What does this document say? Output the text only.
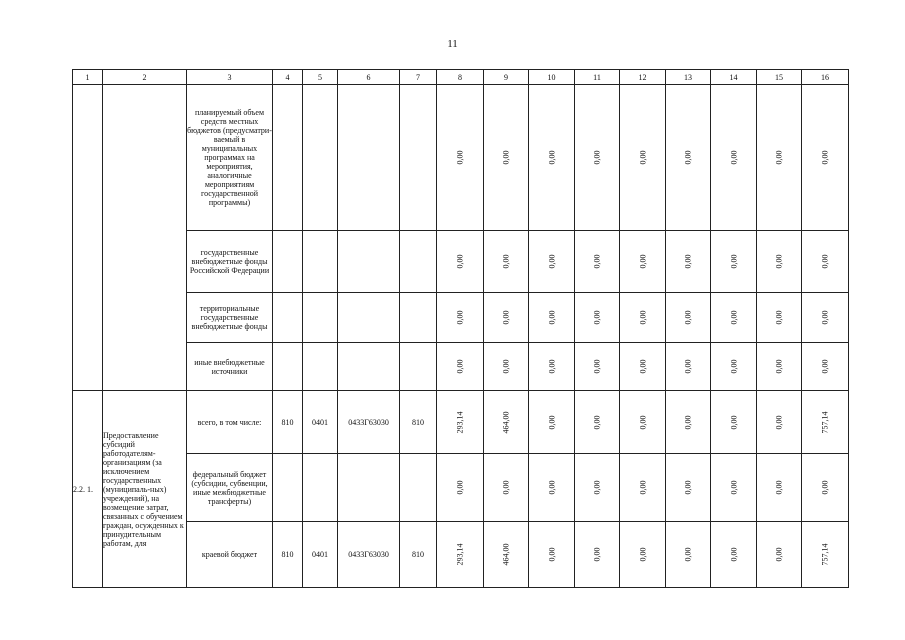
11
1	2	3	4	5	6	7	8	9	10	11	12	13	14	15	16
		планируемый объем средств местных бюджетов (предусматри-ваемый в муниципальных программах на мероприятия, аналогичные мероприятиям государственной программы)					0,00	0,00	0,00	0,00	0,00	0,00	0,00	0,00	0,00
		государственные внебюджетные фонды Российской Федерации					0,00	0,00	0,00	0,00	0,00	0,00	0,00	0,00	0,00
		территориальные государственные внебюджетные фонды					0,00	0,00	0,00	0,00	0,00	0,00	0,00	0,00	0,00
		иные внебюджетные источники					0,00	0,00	0,00	0,00	0,00	0,00	0,00	0,00	0,00
2.2. 1.	Предоставление субсидий работодателям-организациям (за исключением государственных (муниципаль-ных) учреждений), на возмещение затрат, связанных с обучением граждан, осужденных к принудительным работам, для	всего, в том числе:	810	0401	0433Г63030	810	293,14	464,00	0,00	0,00	0,00	0,00	0,00	0,00	757,14
		федеральный бюджет (субсидии, субвенции, иные межбюджетные трансферты)					0,00	0,00	0,00	0,00	0,00	0,00	0,00	0,00	0,00
		краевой бюджет	810	0401	0433Г63030	810	293,14	464,00	0,00	0,00	0,00	0,00	0,00	0,00	757,14
